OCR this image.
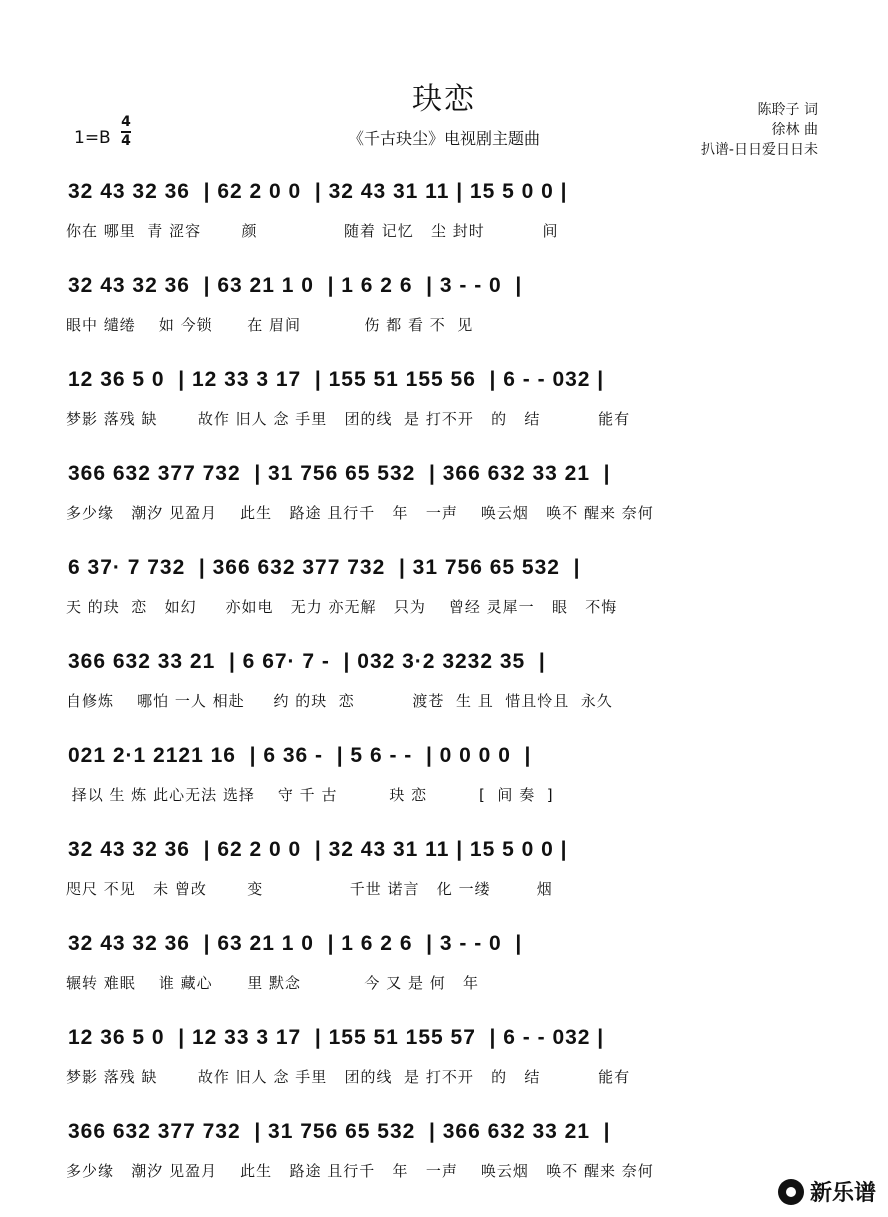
玦恋
1=B
4
4	《千古玦尘》电视剧主题曲
陈聆子 词
徐林 曲
扒谱-日日爱日日未
32 43 32 36  | 62 2 0 0  | 32 43 31 11 | 15 5 0 0 |
你在 哪里  青 涩容       颜               随着 记忆   尘 封时          间
32 43 32 36  | 63 21 1 0  | 1 6 2 6  | 3 - - 0  |
眼中 缱绻    如 今锁      在 眉间           伤 都 看 不  见
12 36 5 0  | 12 33 3 17  | 155 51 155 56  | 6 - - 032 |
梦影 落残 缺       故作 旧人 念 手里   团的线  是 打不开   的   结          能有
366 632 377 732  | 31 756 65 532  | 366 632 33 21  |
多少缘   潮汐 见盈月    此生   路途 且行千   年   一声    唤云烟   唤不 醒来 奈何
6 37· 7 732  | 366 632 377 732  | 31 756 65 532  |
天 的玦  恋   如幻     亦如电   无力 亦无解   只为    曾经 灵犀一   眼   不悔
366 632 33 21  | 6 67· 7 -  | 032 3·2 3232 35  |
自修炼    哪怕 一人 相赴     约 的玦  恋          渡苍  生 且  惜且怜且  永久
021 2·1 2121 16  | 6 36 -  | 5 6 - -  | 0 0 0 0  |
择以 生 炼 此心无法 选择    守 千 古         玦 恋         [  间 奏  ]
32 43 32 36  | 62 2 0 0  | 32 43 31 11 | 15 5 0 0 |
咫尺 不见   未 曾改       变               千世 诺言   化 一缕        烟
32 43 32 36  | 63 21 1 0  | 1 6 2 6  | 3 - - 0  |
辗转 难眠    谁 藏心      里 默念           今 又 是 何   年
12 36 5 0  | 12 33 3 17  | 155 51 155 57  | 6 - - 032 |
梦影 落残 缺       故作 旧人 念 手里   团的线  是 打不开   的   结          能有
366 632 377 732  | 31 756 65 532  | 366 632 33 21  |
多少缘   潮汐 见盈月    此生   路途 且行千   年   一声    唤云烟   唤不 醒来 奈何
新乐谱
